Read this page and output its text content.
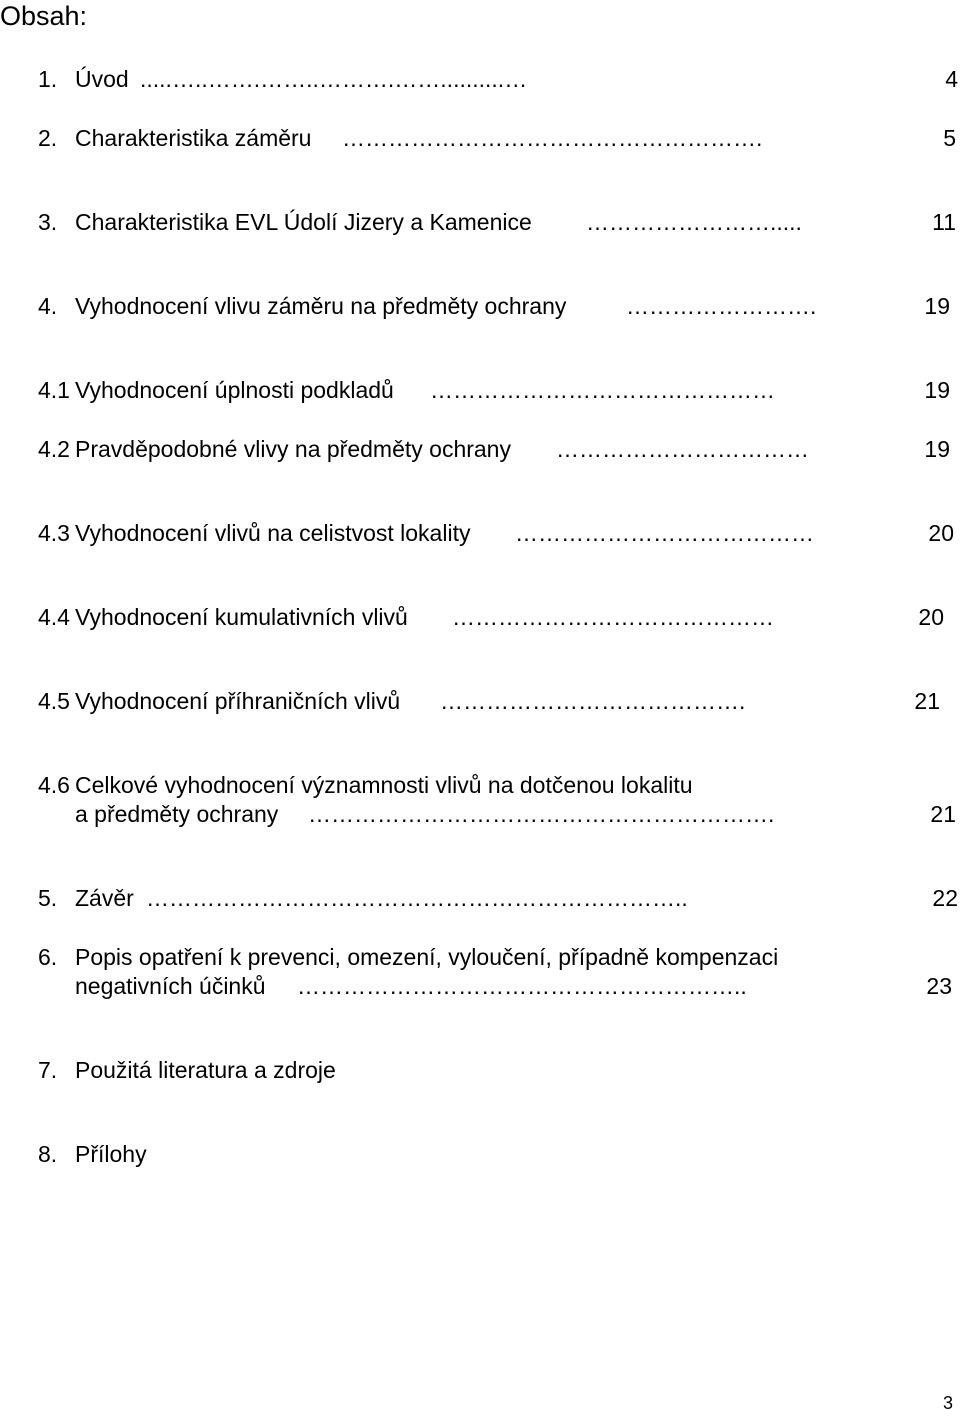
Obsah:
1. Úvod .....…..…….……..……….……..........…	4
2. Charakteristika záměru ……………………………………………….	5
3. Charakteristika EVL Údolí Jizery a Kamenice …………………….....	11
4. Vyhodnocení vlivu záměru na předměty ochrany	…………………….	19
4.1 Vyhodnocení úplnosti podkladů ………………………………………	19
4.2 Pravděpodobné vlivy na předměty ochrany ……………………………	19
4.3 Vyhodnocení vlivů na celistvost lokality …………………………………	20
4.4 Vyhodnocení kumulativních vlivů ……………………………………	20
4.5 Vyhodnocení příhraničních vlivů ………………………………….	21
4.6 Celkové vyhodnocení významnosti vlivů na dotčenou lokalitu
a předměty ochrany …………………………………………………….	21
5. Závěr ……………………………………………………………..	22
6. Popis opatření k prevenci, omezení, vyloučení, případně kompenzaci
negativních účinků …………………………………………………..	23
7. Použitá literatura a zdroje
8. Přílohy
3
